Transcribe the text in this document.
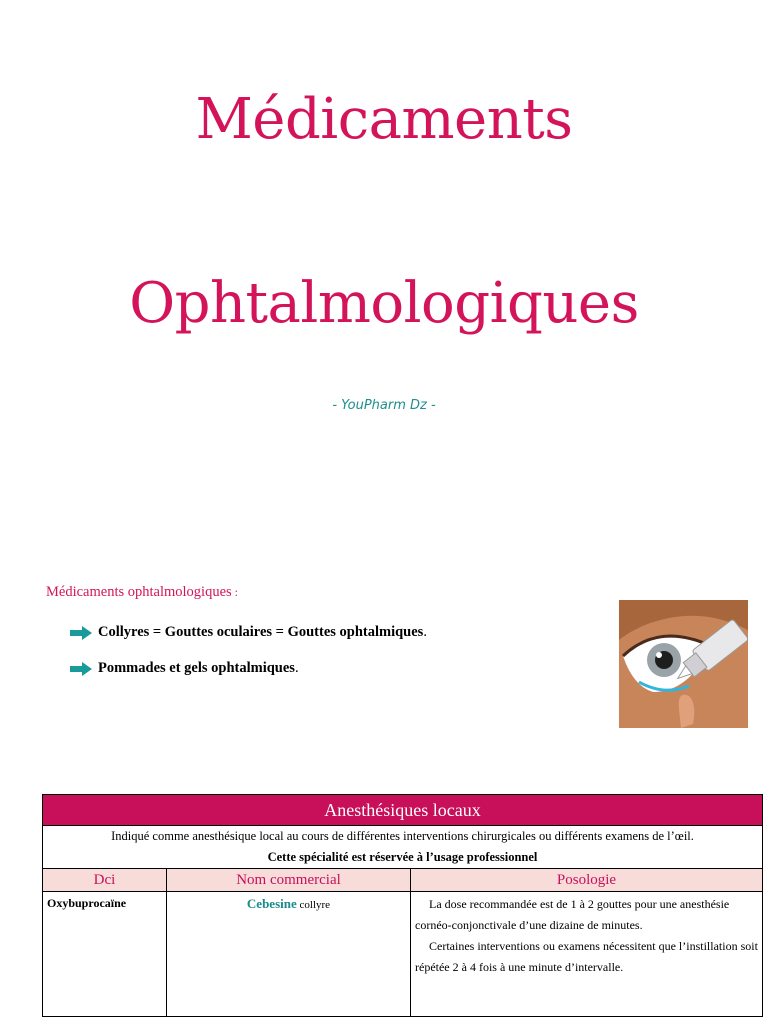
Médicaments
Ophtalmologiques
- YouPharm Dz -
Médicaments ophtalmologiques :
Collyres = Gouttes oculaires = Gouttes ophtalmiques .
Pommades et gels ophtalmiques .
Anesthésiques locaux		

Indiqué comme anesthésique local au cours de différentes interventions chirurgicales ou différents examens de l’œil.
Cette spécialité est réservée à l’usage professionnel		

Dci	Nom commercial	Posologie
Oxybuprocaïne	Cebesine collyre	La dose recommandée est de 1 à 2 gouttes pour une anesthésie cornéo-conjonctivale d’une dizaine de minutes.

Certaines interventions ou examens nécessitent que l’instillation soit répétée 2 à 4 fois à une minute d’intervalle.
